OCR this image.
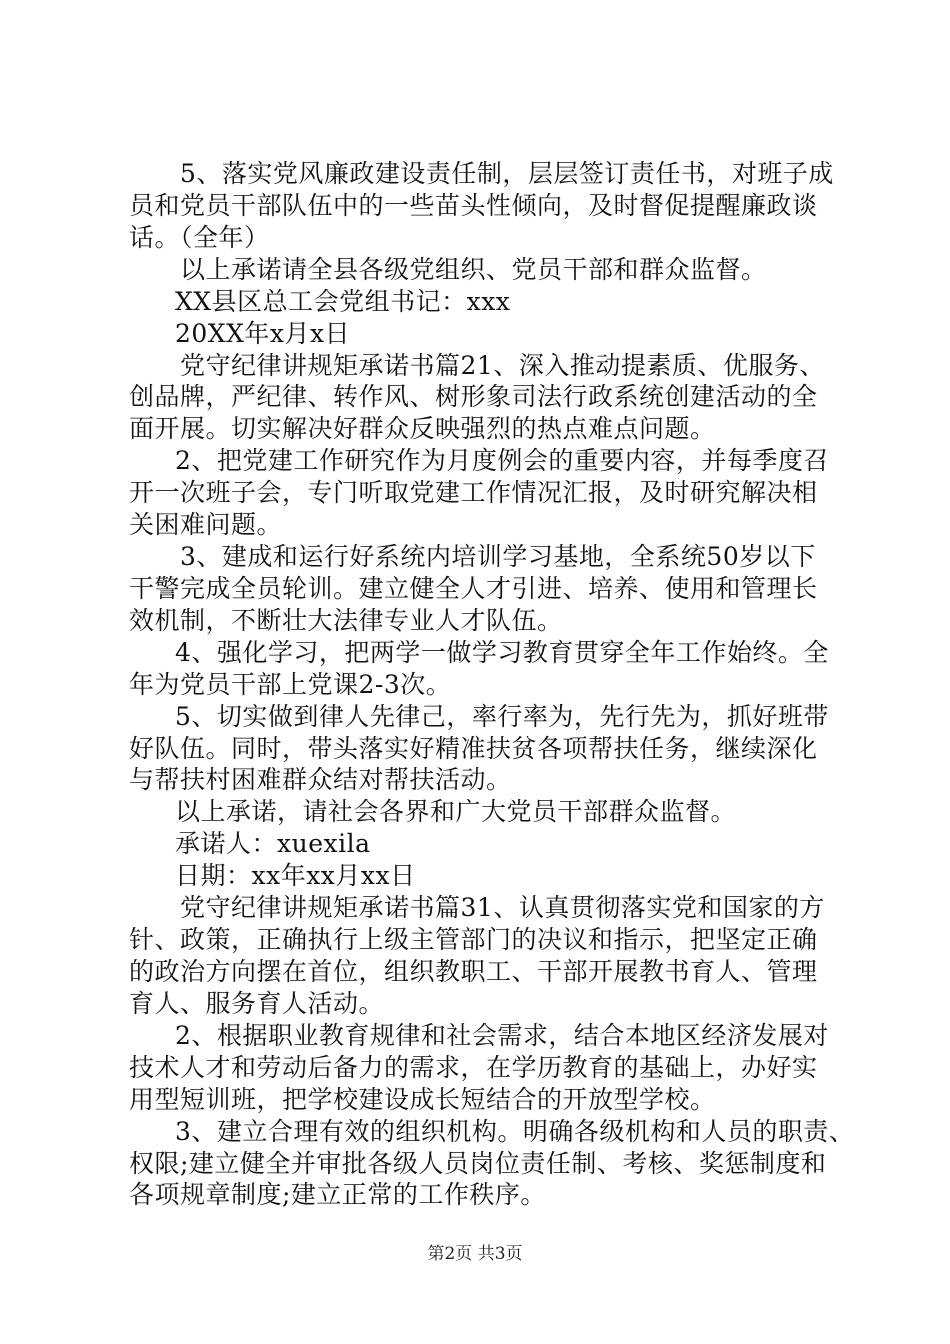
5、落实党风廉政建设责任制，层层签订责任书，对班子成
员和党员干部队伍中的一些苗头性倾向，及时督促提醒廉政谈
话。（全年）
以上承诺请全县各级党组织、党员干部和群众监督。
XX县区总工会党组书记：xxx
20XX年x月x日
党守纪律讲规矩承诺书篇21、深入推动提素质、优服务、
创品牌，严纪律、转作风、树形象司法行政系统创建活动的全
面开展。切实解决好群众反映强烈的热点难点问题。
2、把党建工作研究作为月度例会的重要内容，并每季度召
开一次班子会，专门听取党建工作情况汇报，及时研究解决相
关困难问题。
3、建成和运行好系统内培训学习基地，全系统50岁以下
干警完成全员轮训。建立健全人才引进、培养、使用和管理长
效机制，不断壮大法律专业人才队伍。
4、强化学习，把两学一做学习教育贯穿全年工作始终。全
年为党员干部上党课2-3次。
5、切实做到律人先律己，率行率为，先行先为，抓好班带
好队伍。同时，带头落实好精准扶贫各项帮扶任务，继续深化
与帮扶村困难群众结对帮扶活动。
以上承诺，请社会各界和广大党员干部群众监督。
承诺人：xuexila
日期：xx年xx月xx日
党守纪律讲规矩承诺书篇31、认真贯彻落实党和国家的方
针、政策，正确执行上级主管部门的决议和指示，把坚定正确
的政治方向摆在首位，组织教职工、干部开展教书育人、管理
育人、服务育人活动。
2、根据职业教育规律和社会需求，结合本地区经济发展对
技术人才和劳动后备力的需求，在学历教育的基础上，办好实
用型短训班，把学校建设成长短结合的开放型学校。
3、建立合理有效的组织机构。明确各级机构和人员的职责、
权限;建立健全并审批各级人员岗位责任制、考核、奖惩制度和
各项规章制度;建立正常的工作秩序。
第2页 共3页
